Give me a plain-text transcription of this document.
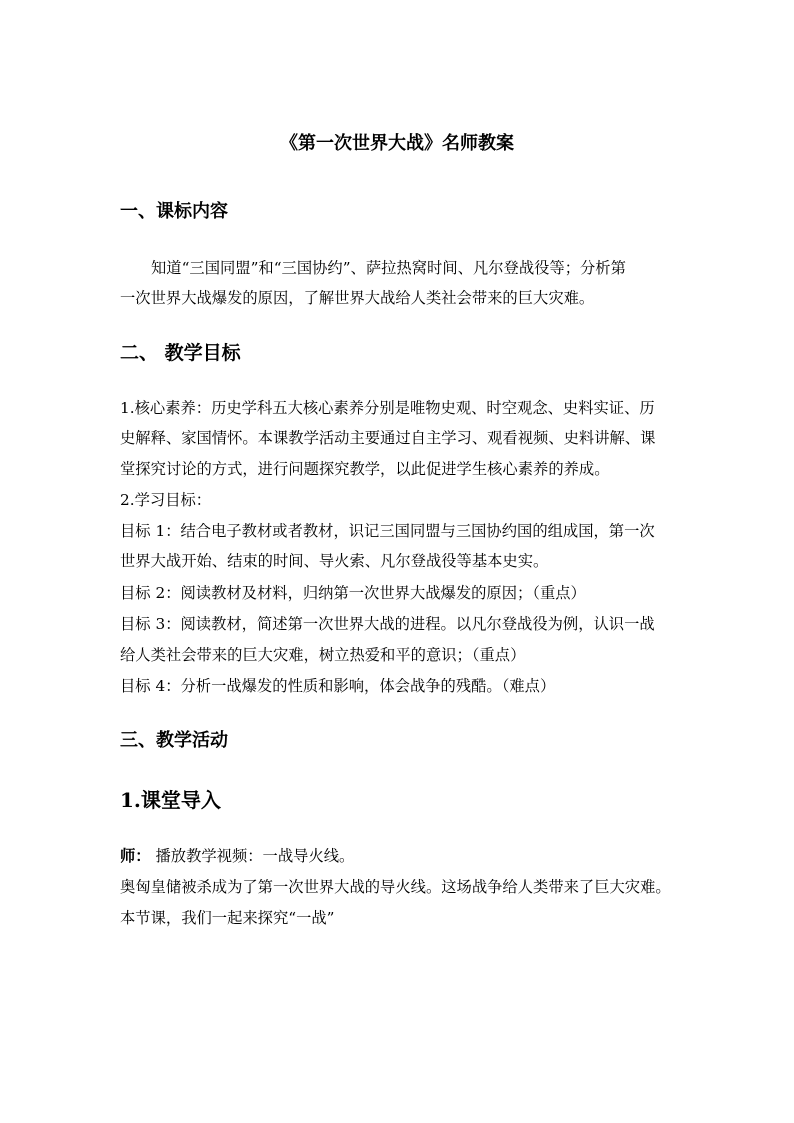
《第一次世界大战》名师教案
一、课标内容
知道“三国同盟”和“三国协约”、萨拉热窝时间、凡尔登战役等；分析第
一次世界大战爆发的原因，了解世界大战给人类社会带来的巨大灾难。
二、 教学目标
1.核心素养：历史学科五大核心素养分别是唯物史观、时空观念、史料实证、历
史解释、家国情怀。本课教学活动主要通过自主学习、观看视频、史料讲解、课
堂探究讨论的方式，进行问题探究教学，以此促进学生核心素养的养成。
2.学习目标：
目标 1：结合电子教材或者教材，识记三国同盟与三国协约国的组成国，第一次
世界大战开始、结束的时间、导火索、凡尔登战役等基本史实。
目标 2：阅读教材及材料，归纳第一次世界大战爆发的原因；（重点）
目标 3：阅读教材，简述第一次世界大战的进程。以凡尔登战役为例，认识一战
给人类社会带来的巨大灾难，树立热爱和平的意识；（重点）
目标 4：分析一战爆发的性质和影响，体会战争的残酷。（难点）
三、教学活动
1.课堂导入
师： 播放教学视频：一战导火线。
奥匈皇储被杀成为了第一次世界大战的导火线。这场战争给人类带来了巨大灾难。
本节课，我们一起来探究“一战”
